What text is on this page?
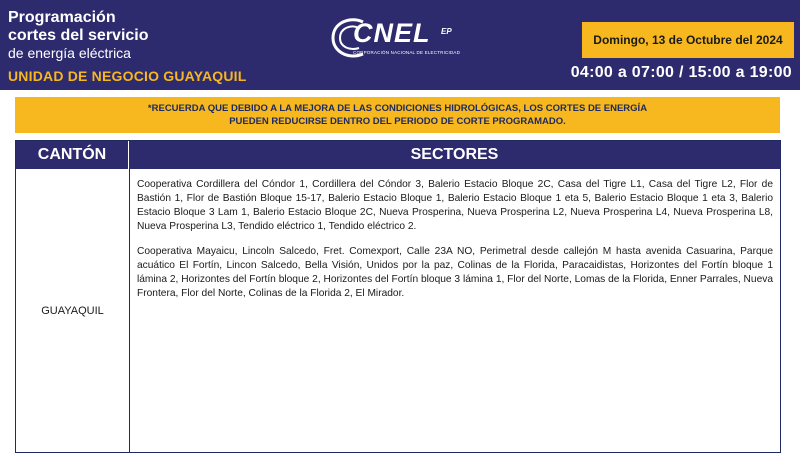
Programación
cortes del servicio
de energía eléctrica
UNIDAD DE NEGOCIO GUAYAQUIL
CNEL EP
CORPORACIÓN NACIONAL DE ELECTRICIDAD
Domingo, 13 de Octubre del 2024
04:00 a 07:00 / 15:00 a 19:00
*RECUERDA QUE DEBIDO A LA MEJORA DE LAS CONDICIONES HIDROLÓGICAS, LOS CORTES DE ENERGÍA
PUEDEN REDUCIRSE DENTRO DEL PERIODO DE CORTE PROGRAMADO.
CANTÓN	SECTORES
GUAYAQUIL

Cooperativa Cordillera del Cóndor 1, Cordillera del Cóndor 3, Balerio Estacio Bloque 2C, Casa del Tigre L1, Casa del Tigre L2, Flor de Bastión 1, Flor de Bastión Bloque 15-17, Balerio Estacio Bloque 1, Balerio Estacio Bloque 1 eta 5, Balerio Estacio Bloque 1 eta 3, Balerio Estacio Bloque 3 Lam 1, Balerio Estacio Bloque 2C, Nueva Prosperina, Nueva Prosperina L2, Nueva Prosperina L4, Nueva Prosperina L8, Nueva Prosperina L3, Tendido eléctrico 1, Tendido eléctrico 2.

Cooperativa Mayaicu, Lincoln Salcedo, Fret. Comexport, Calle 23A NO, Perimetral desde callejón M hasta avenida Casuarina, Parque acuático El Fortín, Lincon Salcedo, Bella Visión, Unidos por la paz, Colinas de la Florida, Paracaidistas, Horizontes del Fortín bloque 1 lámina 2, Horizontes del Fortín bloque 2, Horizontes del Fortín bloque 3 lámina 1, Flor del Norte, Lomas de la Florida, Enner Parrales, Nueva Frontera, Flor del Norte, Colinas de la Florida 2, El Mirador.
